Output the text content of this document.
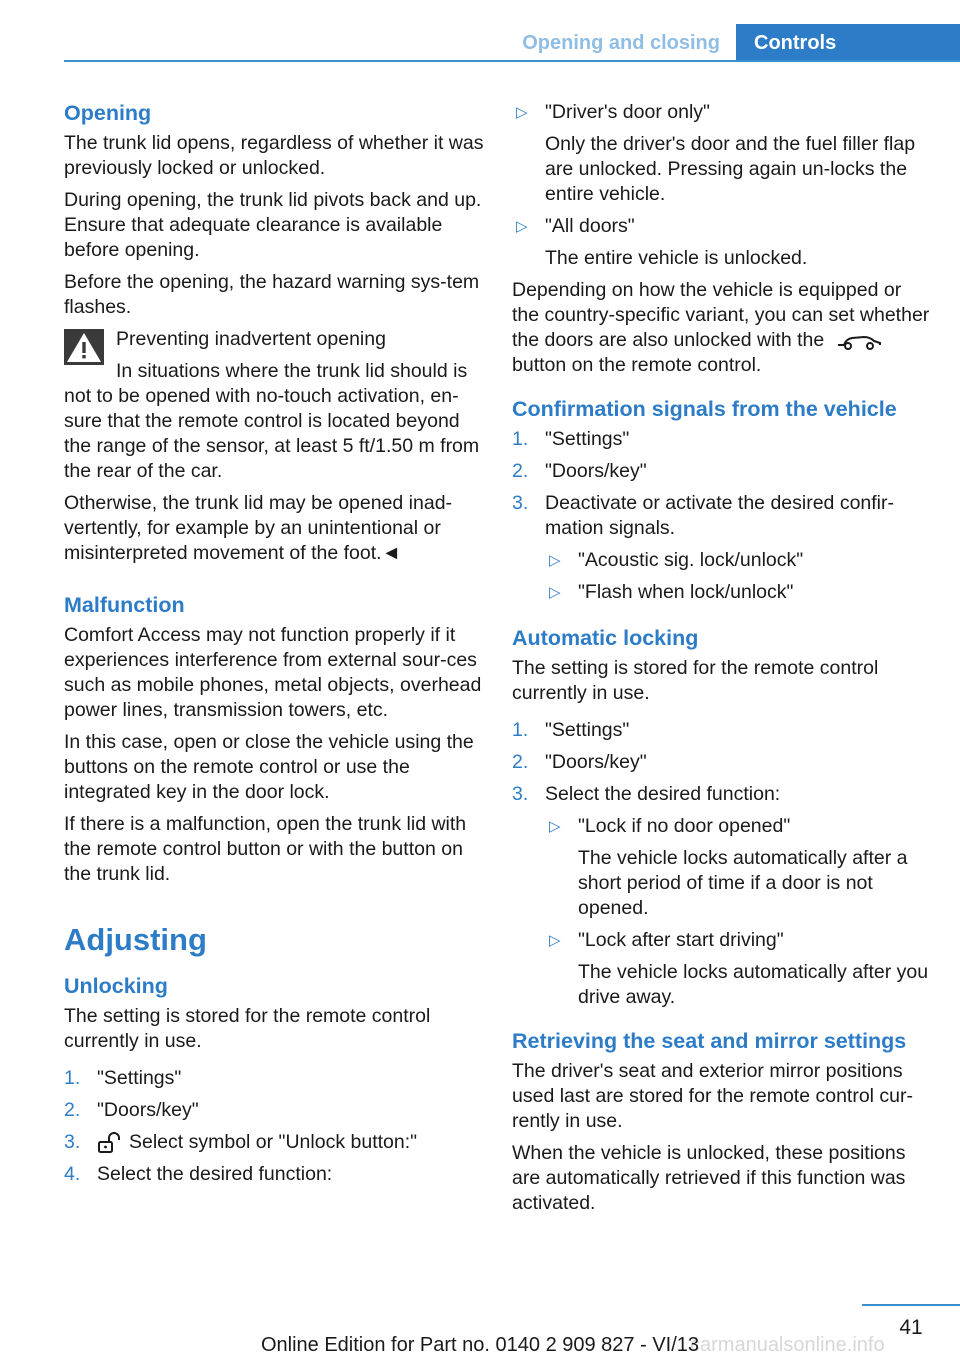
Opening and closing	Controls
Opening

The trunk lid opens, regardless of whether it was previously locked or unlocked.

During opening, the trunk lid pivots back and up. Ensure that adequate clearance is available before opening.

Before the opening, the hazard warning sys-tem flashes.

Preventing inadvertent opening

In situations where the trunk lid should is not to be opened with no-touch activation, en-sure that the remote control is located beyond the range of the sensor, at least 5 ft/1.50 m from the rear of the car.

Otherwise, the trunk lid may be opened inad-vertently, for example by an unintentional or misinterpreted movement of the foot.◄

Malfunction

Comfort Access may not function properly if it experiences interference from external sour-ces such as mobile phones, metal objects, overhead power lines, transmission towers, etc.

In this case, open or close the vehicle using the buttons on the remote control or use the integrated key in the door lock.

If there is a malfunction, open the trunk lid with the remote control button or with the button on the trunk lid.

Adjusting
Unlocking

The setting is stored for the remote control currently in use.

1. "Settings"
2. "Doors/key"
3. Select symbol or "Unlock button:"
4. Select the desired function:
▷ "Driver's door only"
Only the driver's door and the fuel filler flap are unlocked. Pressing again un-locks the entire vehicle.
▷ "All doors"
The entire vehicle is unlocked.

Depending on how the vehicle is equipped or the country-specific variant, you can set whether the doors are also unlocked with the button on the remote control.

Confirmation signals from the vehicle
1. "Settings"
2. "Doors/key"
3. Deactivate or activate the desired confir-mation signals.
▷ "Acoustic sig. lock/unlock"
▷ "Flash when lock/unlock"
Automatic locking

The setting is stored for the remote control currently in use.

1. "Settings"
2. "Doors/key"
3. Select the desired function:
▷ "Lock if no door opened"
The vehicle locks automatically after a short period of time if a door is not opened.
▷ "Lock after start driving"
The vehicle locks automatically after you drive away.
Retrieving the seat and mirror settings

The driver's seat and exterior mirror positions used last are stored for the remote control cur-rently in use.

When the vehicle is unlocked, these positions are automatically retrieved if this function was activated.

41
carmanualsonline.info
Online Edition for Part no. 0140 2 909 827 - VI/13
